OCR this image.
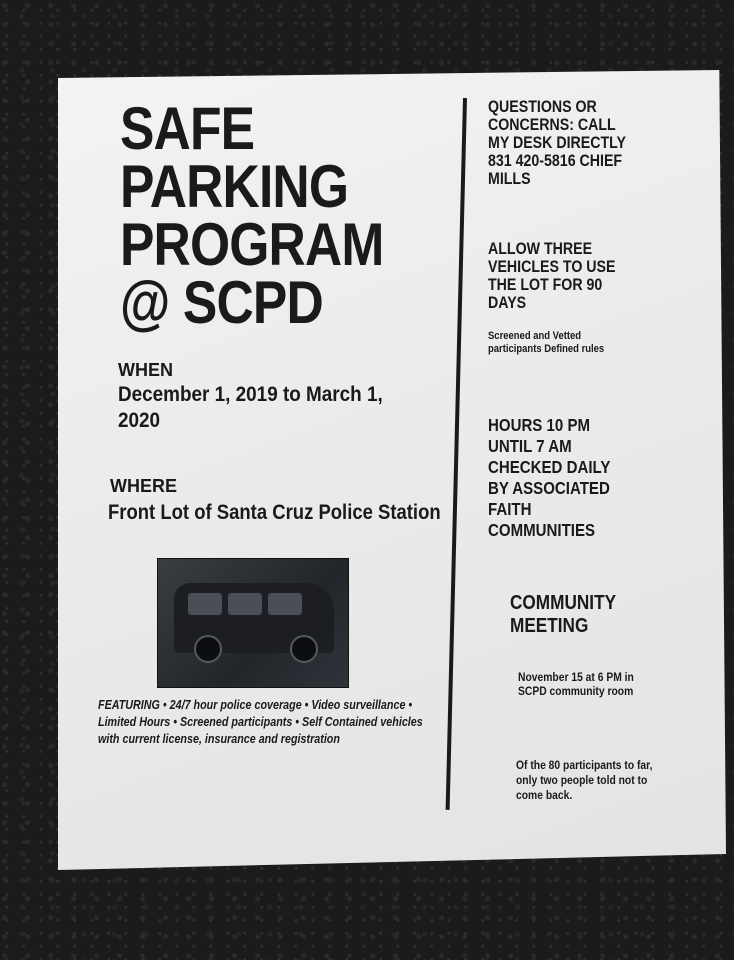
SAFE
PARKING
PROGRAM
@ SCPD
WHEN
December 1, 2019 to March 1, 2020
WHERE
Front Lot of Santa Cruz Police Station
FEATURING • 24/7 hour police coverage • Video surveillance • Limited Hours • Screened participants • Self Contained vehicles with current license, insurance and registration
QUESTIONS OR CONCERNS: CALL MY DESK DIRECTLY 831 420-5816 CHIEF MILLS
ALLOW THREE VEHICLES TO USE THE LOT FOR 90 DAYS
Screened and Vetted participants Defined rules
HOURS 10 PM UNTIL 7 AM CHECKED DAILY BY ASSOCIATED FAITH COMMUNITIES
COMMUNITY MEETING
November 15 at 6 PM in SCPD community room
Of the 80 participants to far, only two people told not to come back.
